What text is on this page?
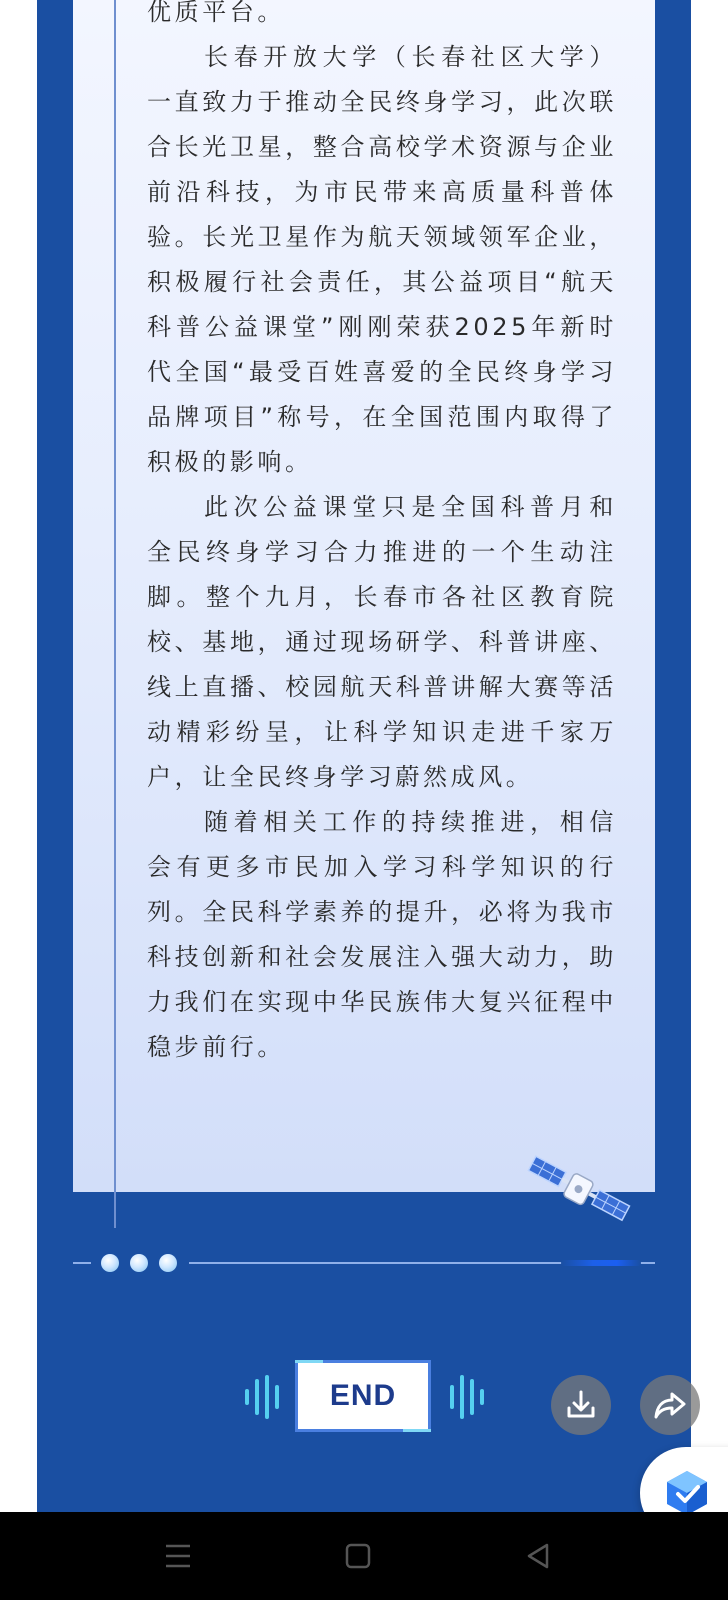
优质平台。

长春开放大学（长春社区大学）一直致力于推动全民终身学习，此次联合长光卫星，整合高校学术资源与企业前沿科技，为市民带来高质量科普体验。长光卫星作为航天领域领军企业，积极履行社会责任，其公益项目“航天科普公益课堂”刚刚荣获2025年新时代全国“最受百姓喜爱的全民终身学习品牌项目”称号，在全国范围内取得了积极的影响。

此次公益课堂只是全国科普月和全民终身学习合力推进的一个生动注脚。整个九月，长春市各社区教育院校、基地，通过现场研学、科普讲座、线上直播、校园航天科普讲解大赛等活动精彩纷呈，让科学知识走进千家万户，让全民终身学习蔚然成风。

随着相关工作的持续推进，相信会有更多市民加入学习科学知识的行列。全民科学素养的提升，必将为我市科技创新和社会发展注入强大动力，助力我们在实现中华民族伟大复兴征程中稳步前行。

END
